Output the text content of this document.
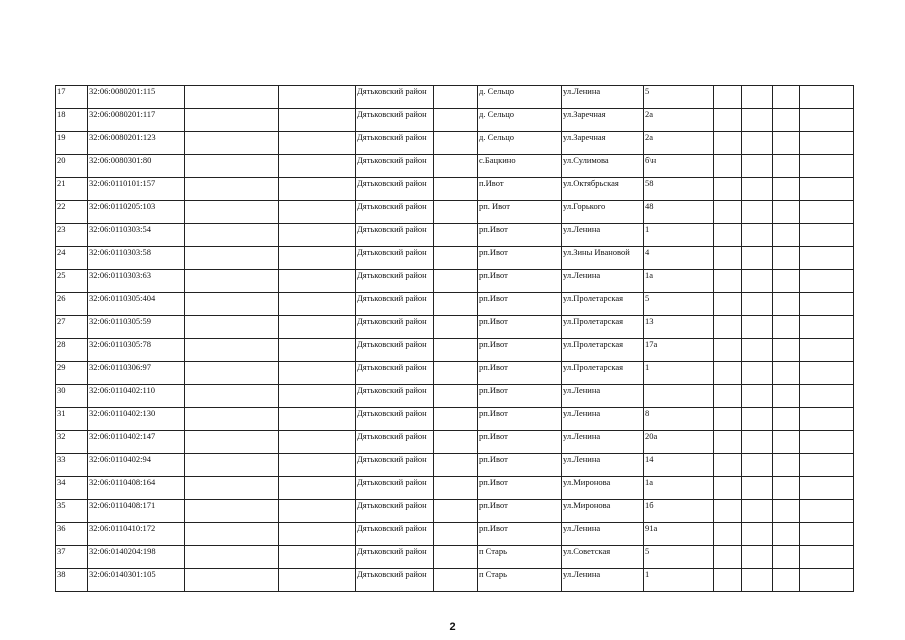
17	32:06:0080201:115			Дятьковский район		д. Сельцо	ул.Ленина	5				
18	32:06:0080201:117			Дятьковский район		д. Сельцо	ул.Заречная	2а				
19	32:06:0080201:123			Дятьковский район		д. Сельцо	ул.Заречная	2а				
20	32:06:0080301:80			Дятьковский район		с.Бацкино	ул.Сулимова	б\н				
21	32:06:0110101:157			Дятьковский район		п.Ивот	ул.Октябрьская	58				
22	32:06:0110205:103			Дятьковский район		рп. Ивот	ул.Горького	48				
23	32:06:0110303:54			Дятьковский район		рп.Ивот	ул.Ленина	1				
24	32:06:0110303:58			Дятьковский район		рп.Ивот	ул.Зины Ивановой	4				
25	32:06:0110303:63			Дятьковский район		рп.Ивот	ул.Ленина	1а				
26	32:06:0110305:404			Дятьковский район		рп.Ивот	ул.Пролетарская	5				
27	32:06:0110305:59			Дятьковский район		рп.Ивот	ул.Пролетарская	13				
28	32:06:0110305:78			Дятьковский район		рп.Ивот	ул.Пролетарская	17а				
29	32:06:0110306:97			Дятьковский район		рп.Ивот	ул.Пролетарская	1				
30	32:06:0110402:110			Дятьковский район		рп.Ивот	ул.Ленина					
31	32:06:0110402:130			Дятьковский район		рп.Ивот	ул.Ленина	8				
32	32:06:0110402:147			Дятьковский район		рп.Ивот	ул.Ленина	20а				
33	32:06:0110402:94			Дятьковский район		рп.Ивот	ул.Ленина	14				
34	32:06:0110408:164			Дятьковский район		рп.Ивот	ул.Миронова	1а				
35	32:06:0110408:171			Дятьковский район		рп.Ивот	ул.Миронова	1б				
36	32:06:0110410:172			Дятьковский район		рп.Ивот	ул.Ленина	91а				
37	32:06:0140204:198			Дятьковский район		п Старь	ул.Советская	5				
38	32:06:0140301:105			Дятьковский район		п Старь	ул.Ленина	1				
2
